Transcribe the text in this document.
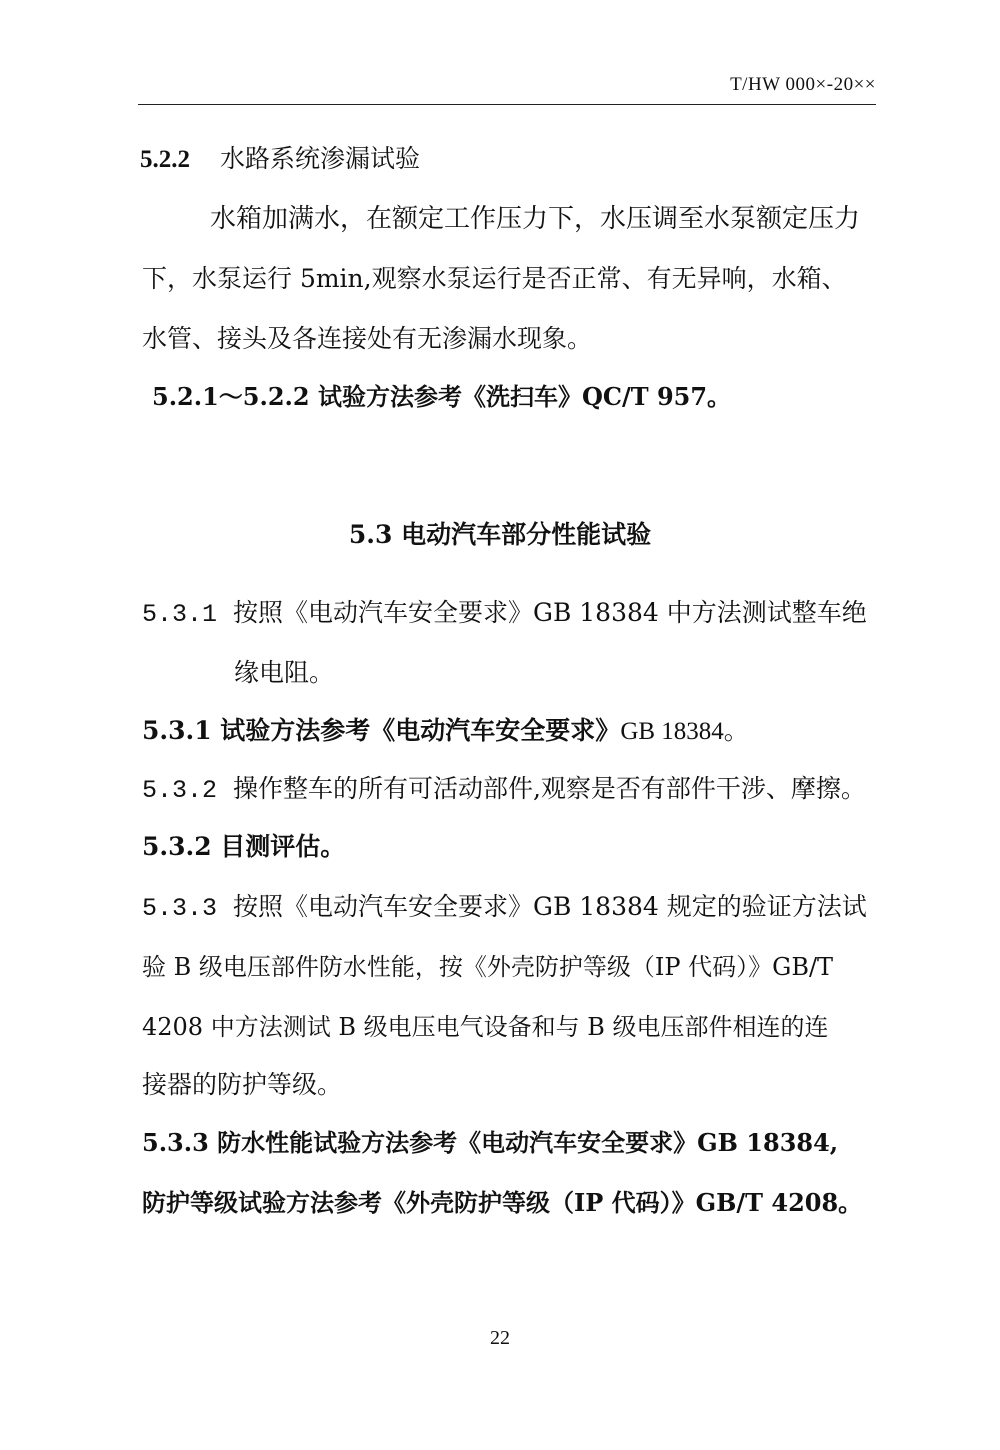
T/HW 000×-20××
5.2.2 水路系统渗漏试验
水箱加满水，在额定工作压力下，水压调至水泵额定压力
下，水泵运行 5min,观察水泵运行是否正常、有无异响，水箱、
水管、接头及各连接处有无渗漏水现象。
5.2.1～5.2.2 试验方法参考《洗扫车》QC/T 957。
5.3 电动汽车部分性能试验
5.3.1 按照《电动汽车安全要求》GB 18384 中方法测试整车绝
缘电阻。
5.3.1 试验方法参考《电动汽车安全要求》GB 18384。
5.3.2 操作整车的所有可活动部件,观察是否有部件干涉、摩擦。
5.3.2 目测评估。
5.3.3 按照《电动汽车安全要求》GB 18384 规定的验证方法试
验 B 级电压部件防水性能，按《外壳防护等级（IP 代码）》GB/T
4208 中方法测试 B 级电压电气设备和与 B 级电压部件相连的连
接器的防护等级。
5.3.3 防水性能试验方法参考《电动汽车安全要求》GB 18384,
防护等级试验方法参考《外壳防护等级（IP 代码）》GB/T 4208。
22
